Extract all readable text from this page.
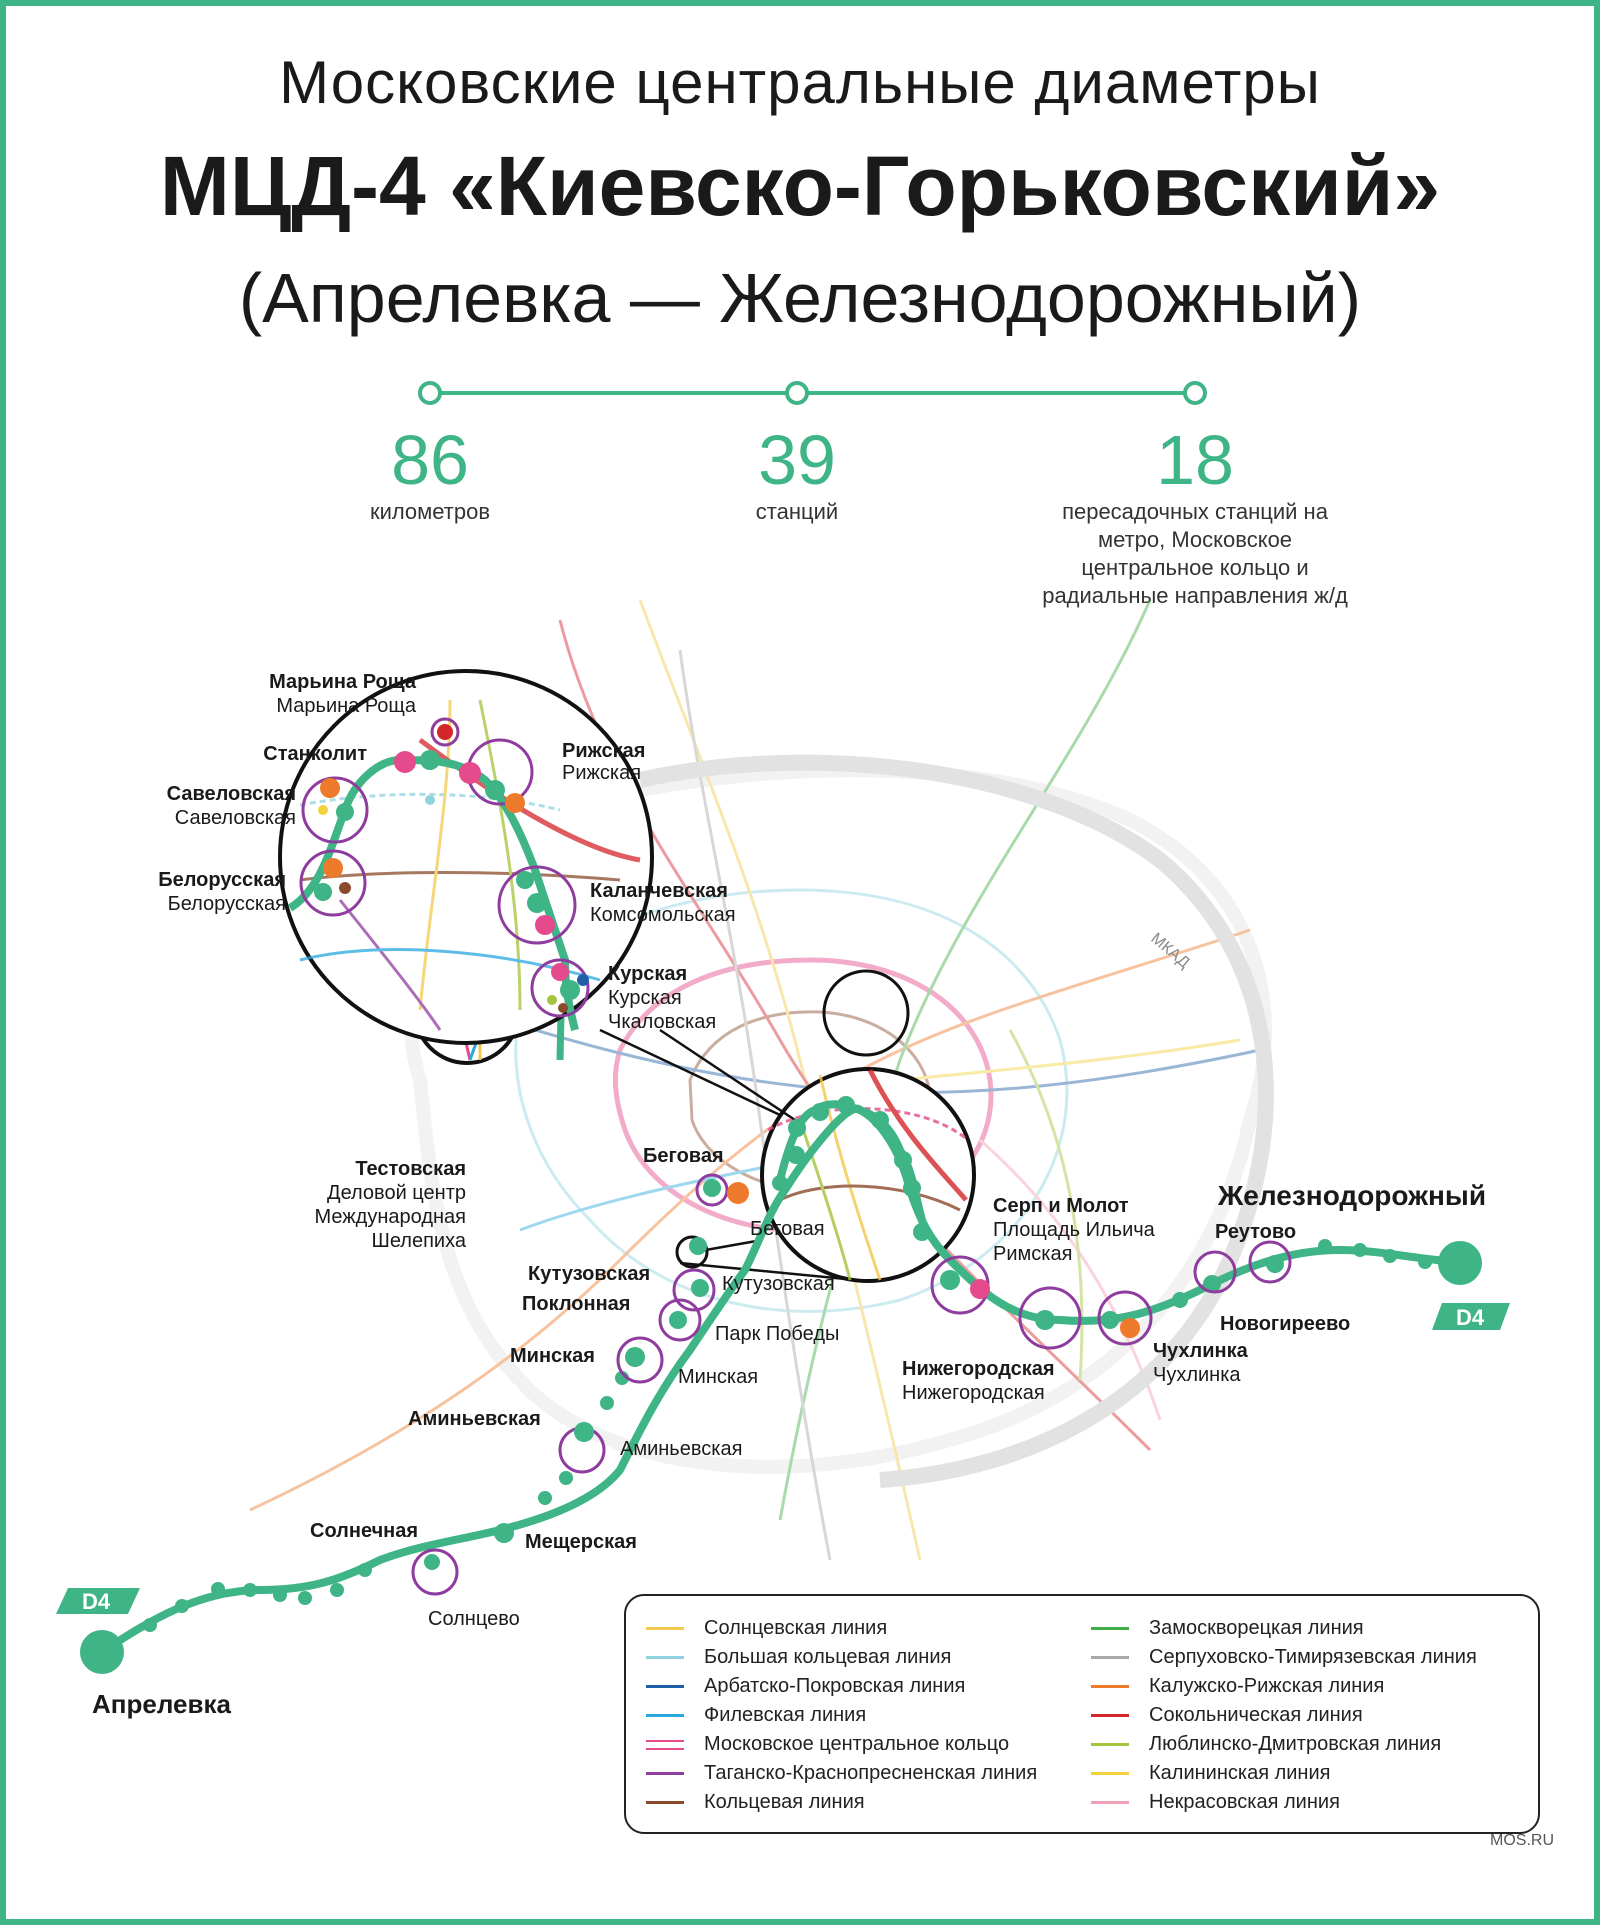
Московские центральные диаметры
МЦД-4 «Киевско-Горьковский»
(Апрелевка — Железнодорожный)
86
километров
39
станций
18
пересадочных станций на метро, Московское центральное кольцо и радиальные направления ж/д
МКАД
D4
D4
Апрелевка
Солнечная
Солнцево
Мещерская
Аминьевская
Аминьевская
Минская
Минская
Поклонная
Парк Победы
Кутузовская	Кутузовская
Тестовская
Деловой центр
Международная
Шелепиха
Беговая
Беговая
Белорусская
Белорусская
Савеловская
Савеловская
Станколит
Марьина Роща
Марьина Роща
Рижская
Рижская
Каланчевская
Комсомольская
Курская
Курская
Чкаловская
Серп и Молот
Площадь Ильича
Римская
Нижегородская
Нижегородская
Чухлинка
Чухлинка
Новогиреево
Реутово
Железнодорожный
Солнцевская линия
Большая кольцевая линия
Арбатско-Покровская линия
Филевская линия
Московское центральное кольцо
Таганско-Краснопресненская линия
Кольцевая линия
Замоскворецкая линия
Серпуховско-Тимирязевская линия
Калужско-Рижская линия
Сокольническая линия
Люблинско-Дмитровская линия
Калининская линия
Некрасовская линия
MOS.RU
